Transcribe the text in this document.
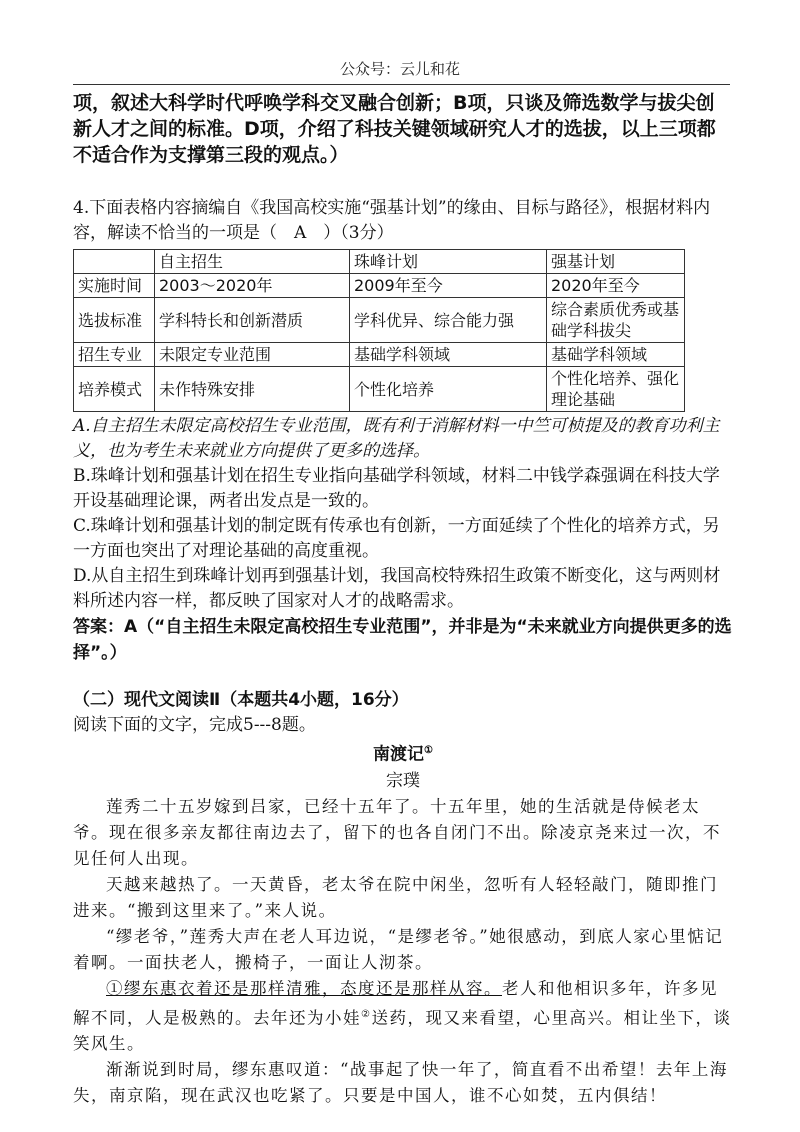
公众号：云儿和花

项，叙述大科学时代呼唤学科交叉融合创新；B项，只谈及筛选数学与拔尖创新人才之间的标准。D项，介绍了科技关键领域研究人才的选拔，以上三项都不适合作为支撑第三段的观点。）

4.下面表格内容摘编自《我国高校实施“强基计划”的缘由、目标与路径》，根据材料内容，解读不恰当的一项是（　A　）（3分）

	自主招生	珠峰计划	强基计划
实施时间	2003～2020年	2009年至今	2020年至今
选拔标准	学科特长和创新潜质	学科优异、综合能力强	综合素质优秀或基础学科拔尖
招生专业	未限定专业范围	基础学科领域	基础学科领域
培养模式	未作特殊安排	个性化培养	个性化培养、强化理论基础

A.自主招生未限定高校招生专业范围，既有利于消解材料一中竺可桢提及的教育功利主义，也为考生未来就业方向提供了更多的选择。

B.珠峰计划和强基计划在招生专业指向基础学科领域，材料二中钱学森强调在科技大学开设基础理论课，两者出发点是一致的。

C.珠峰计划和强基计划的制定既有传承也有创新，一方面延续了个性化的培养方式，另一方面也突出了对理论基础的高度重视。

D.从自主招生到珠峰计划再到强基计划，我国高校特殊招生政策不断变化，这与两则材料所述内容一样，都反映了国家对人才的战略需求。

答案：A（“自主招生未限定高校招生专业范围”，并非是为“未来就业方向提供更多的选择”。）

（二）现代文阅读Ⅱ（本题共4小题，16分）

阅读下面的文字，完成5---8题。

南渡记①

宗璞

莲秀二十五岁嫁到吕家，已经十五年了。十五年里，她的生活就是侍候老太爷。现在很多亲友都往南边去了，留下的也各自闭门不出。除凌京尧来过一次，不见任何人出现。

天越来越热了。一天黄昏，老太爷在院中闲坐，忽听有人轻轻敲门，随即推门进来。“搬到这里来了。”来人说。

“缪老爷，”莲秀大声在老人耳边说，“是缪老爷。”她很感动，到底人家心里惦记着啊。一面扶老人，搬椅子，一面让人沏茶。

①缪东惠衣着还是那样清雅，态度还是那样从容。老人和他相识多年，许多见解不同，人是极熟的。去年还为小娃②送药，现又来看望，心里高兴。相让坐下，谈笑风生。

渐渐说到时局，缪东惠叹道：“战事起了快一年了，简直看不出希望！去年上海失，南京陷，现在武汉也吃紧了。只要是中国人，谁不心如焚，五内俱结！
